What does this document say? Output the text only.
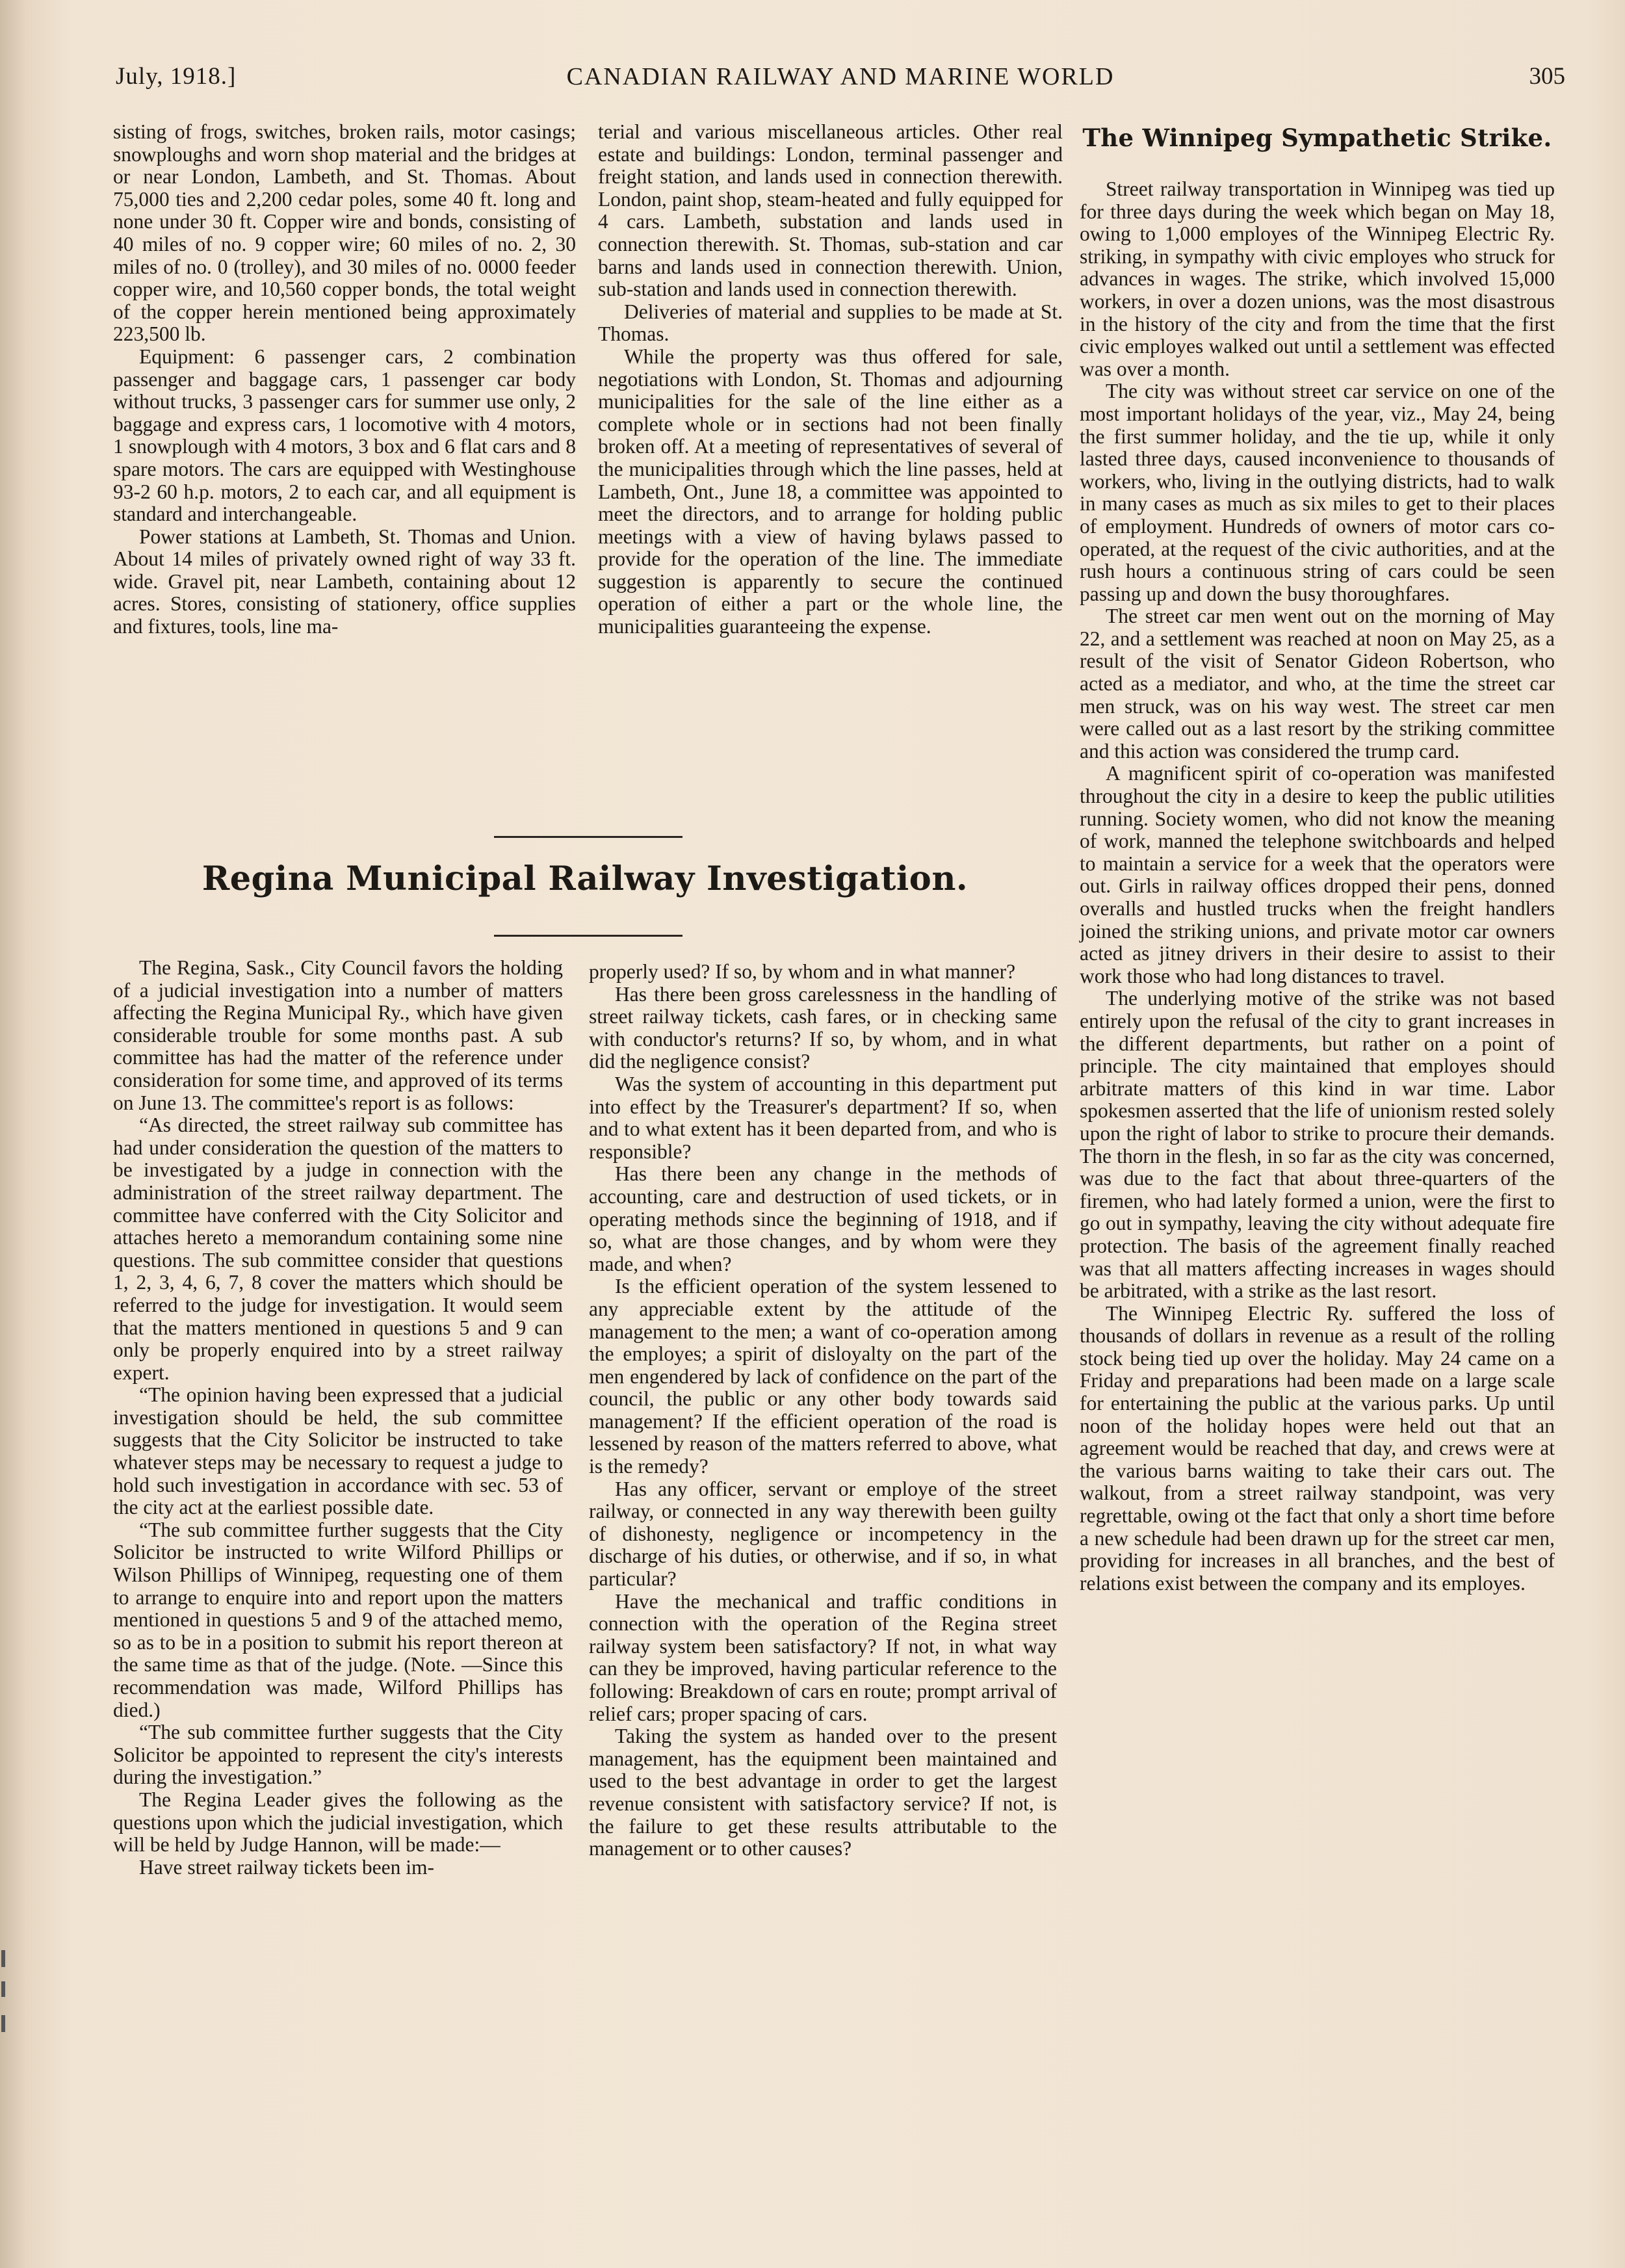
July, 1918.]	CANADIAN RAILWAY AND MARINE WORLD	305

sisting of frogs, switches, broken rails, motor casings; snowploughs and worn shop material and the bridges at or near London, Lambeth, and St. Thomas. About 75,000 ties and 2,200 cedar poles, some 40 ft. long and none under 30 ft. Copper wire and bonds, consisting of 40 miles of no. 9 copper wire; 60 miles of no. 2, 30 miles of no. 0 (trolley), and 30 miles of no. 0000 feeder copper wire, and 10,560 copper bonds, the total weight of the copper herein mentioned being approximately 223,500 lb.

Equipment: 6 passenger cars, 2 combination passenger and baggage cars, 1 passenger car body without trucks, 3 passenger cars for summer use only, 2 baggage and express cars, 1 locomotive with 4 motors, 1 snowplough with 4 motors, 3 box and 6 flat cars and 8 spare motors. The cars are equipped with Westinghouse 93-2 60 h.p. motors, 2 to each car, and all equipment is standard and interchangeable.

Power stations at Lambeth, St. Thomas and Union. About 14 miles of privately owned right of way 33 ft. wide. Gravel pit, near Lambeth, containing about 12 acres. Stores, consisting of stationery, office supplies and fixtures, tools, line ma-

terial and various miscellaneous articles. Other real estate and buildings: London, terminal passenger and freight station, and lands used in connection therewith. London, paint shop, steam-heated and fully equipped for 4 cars. Lambeth, substation and lands used in connection therewith. St. Thomas, sub-station and car barns and lands used in connection therewith. Union, sub-station and lands used in connection therewith.

Deliveries of material and supplies to be made at St. Thomas.

While the property was thus offered for sale, negotiations with London, St. Thomas and adjourning municipalities for the sale of the line either as a complete whole or in sections had not been finally broken off. At a meeting of representatives of several of the municipalities through which the line passes, held at Lambeth, Ont., June 18, a committee was appointed to meet the directors, and to arrange for holding public meetings with a view of having bylaws passed to provide for the operation of the line. The immediate suggestion is apparently to secure the continued operation of either a part or the whole line, the municipalities guaranteeing the expense.

The Winnipeg Sympathetic Strike.

Street railway transportation in Winnipeg was tied up for three days during the week which began on May 18, owing to 1,000 employes of the Winnipeg Electric Ry. striking, in sympathy with civic employes who struck for advances in wages. The strike, which involved 15,000 workers, in over a dozen unions, was the most disastrous in the history of the city and from the time that the first civic employes walked out until a settlement was effected was over a month.

The city was without street car service on one of the most important holidays of the year, viz., May 24, being the first summer holiday, and the tie up, while it only lasted three days, caused inconvenience to thousands of workers, who, living in the outlying districts, had to walk in many cases as much as six miles to get to their places of employment. Hundreds of owners of motor cars co-operated, at the request of the civic authorities, and at the rush hours a continuous string of cars could be seen passing up and down the busy thoroughfares.

The street car men went out on the morning of May 22, and a settlement was reached at noon on May 25, as a result of the visit of Senator Gideon Robertson, who acted as a mediator, and who, at the time the street car men struck, was on his way west. The street car men were called out as a last resort by the striking committee and this action was considered the trump card.

A magnificent spirit of co-operation was manifested throughout the city in a desire to keep the public utilities running. Society women, who did not know the meaning of work, manned the telephone switchboards and helped to maintain a service for a week that the operators were out. Girls in railway offices dropped their pens, donned overalls and hustled trucks when the freight handlers joined the striking unions, and private motor car owners acted as jitney drivers in their desire to assist to their work those who had long distances to travel.

The underlying motive of the strike was not based entirely upon the refusal of the city to grant increases in the different departments, but rather on a point of principle. The city maintained that employes should arbitrate matters of this kind in war time. Labor spokesmen asserted that the life of unionism rested solely upon the right of labor to strike to procure their demands. The thorn in the flesh, in so far as the city was concerned, was due to the fact that about three-quarters of the firemen, who had lately formed a union, were the first to go out in sympathy, leaving the city without adequate fire protection. The basis of the agreement finally reached was that all matters affecting increases in wages should be arbitrated, with a strike as the last resort.

The Winnipeg Electric Ry. suffered the loss of thousands of dollars in revenue as a result of the rolling stock being tied up over the holiday. May 24 came on a Friday and preparations had been made on a large scale for entertaining the public at the various parks. Up until noon of the holiday hopes were held out that an agreement would be reached that day, and crews were at the various barns waiting to take their cars out. The walkout, from a street railway standpoint, was very regrettable, owing ot the fact that only a short time before a new schedule had been drawn up for the street car men, providing for increases in all branches, and the best of relations exist between the company and its employes.

Regina Municipal Railway Investigation.

The Regina, Sask., City Council favors the holding of a judicial investigation into a number of matters affecting the Regina Municipal Ry., which have given considerable trouble for some months past. A sub committee has had the matter of the reference under consideration for some time, and approved of its terms on June 13. The committee's report is as follows:

“As directed, the street railway sub committee has had under consideration the question of the matters to be investigated by a judge in connection with the administration of the street railway department. The committee have conferred with the City Solicitor and attaches hereto a memorandum containing some nine questions. The sub committee consider that questions 1, 2, 3, 4, 6, 7, 8 cover the matters which should be referred to the judge for investigation. It would seem that the matters mentioned in questions 5 and 9 can only be properly enquired into by a street railway expert.

“The opinion having been expressed that a judicial investigation should be held, the sub committee suggests that the City Solicitor be instructed to take whatever steps may be necessary to request a judge to hold such investigation in accordance with sec. 53 of the city act at the earliest possible date.

“The sub committee further suggests that the City Solicitor be instructed to write Wilford Phillips or Wilson Phillips of Winnipeg, requesting one of them to arrange to enquire into and report upon the matters mentioned in questions 5 and 9 of the attached memo, so as to be in a position to submit his report thereon at the same time as that of the judge. (Note. —Since this recommendation was made, Wilford Phillips has died.)

“The sub committee further suggests that the City Solicitor be appointed to represent the city's interests during the investigation.”

The Regina Leader gives the following as the questions upon which the judicial investigation, which will be held by Judge Hannon, will be made:—

Have street railway tickets been im-

properly used? If so, by whom and in what manner?

Has there been gross carelessness in the handling of street railway tickets, cash fares, or in checking same with conductor's returns? If so, by whom, and in what did the negligence consist?

Was the system of accounting in this department put into effect by the Treasurer's department? If so, when and to what extent has it been departed from, and who is responsible?

Has there been any change in the methods of accounting, care and destruction of used tickets, or in operating methods since the beginning of 1918, and if so, what are those changes, and by whom were they made, and when?

Is the efficient operation of the system lessened to any appreciable extent by the attitude of the management to the men; a want of co-operation among the employes; a spirit of disloyalty on the part of the men engendered by lack of confidence on the part of the council, the public or any other body towards said management? If the efficient operation of the road is lessened by reason of the matters referred to above, what is the remedy?

Has any officer, servant or employe of the street railway, or connected in any way therewith been guilty of dishonesty, negligence or incompetency in the discharge of his duties, or otherwise, and if so, in what particular?

Have the mechanical and traffic conditions in connection with the operation of the Regina street railway system been satisfactory? If not, in what way can they be improved, having particular reference to the following: Breakdown of cars en route; prompt arrival of relief cars; proper spacing of cars.

Taking the system as handed over to the present management, has the equipment been maintained and used to the best advantage in order to get the largest revenue consistent with satisfactory service? If not, is the failure to get these results attributable to the management or to other causes?
